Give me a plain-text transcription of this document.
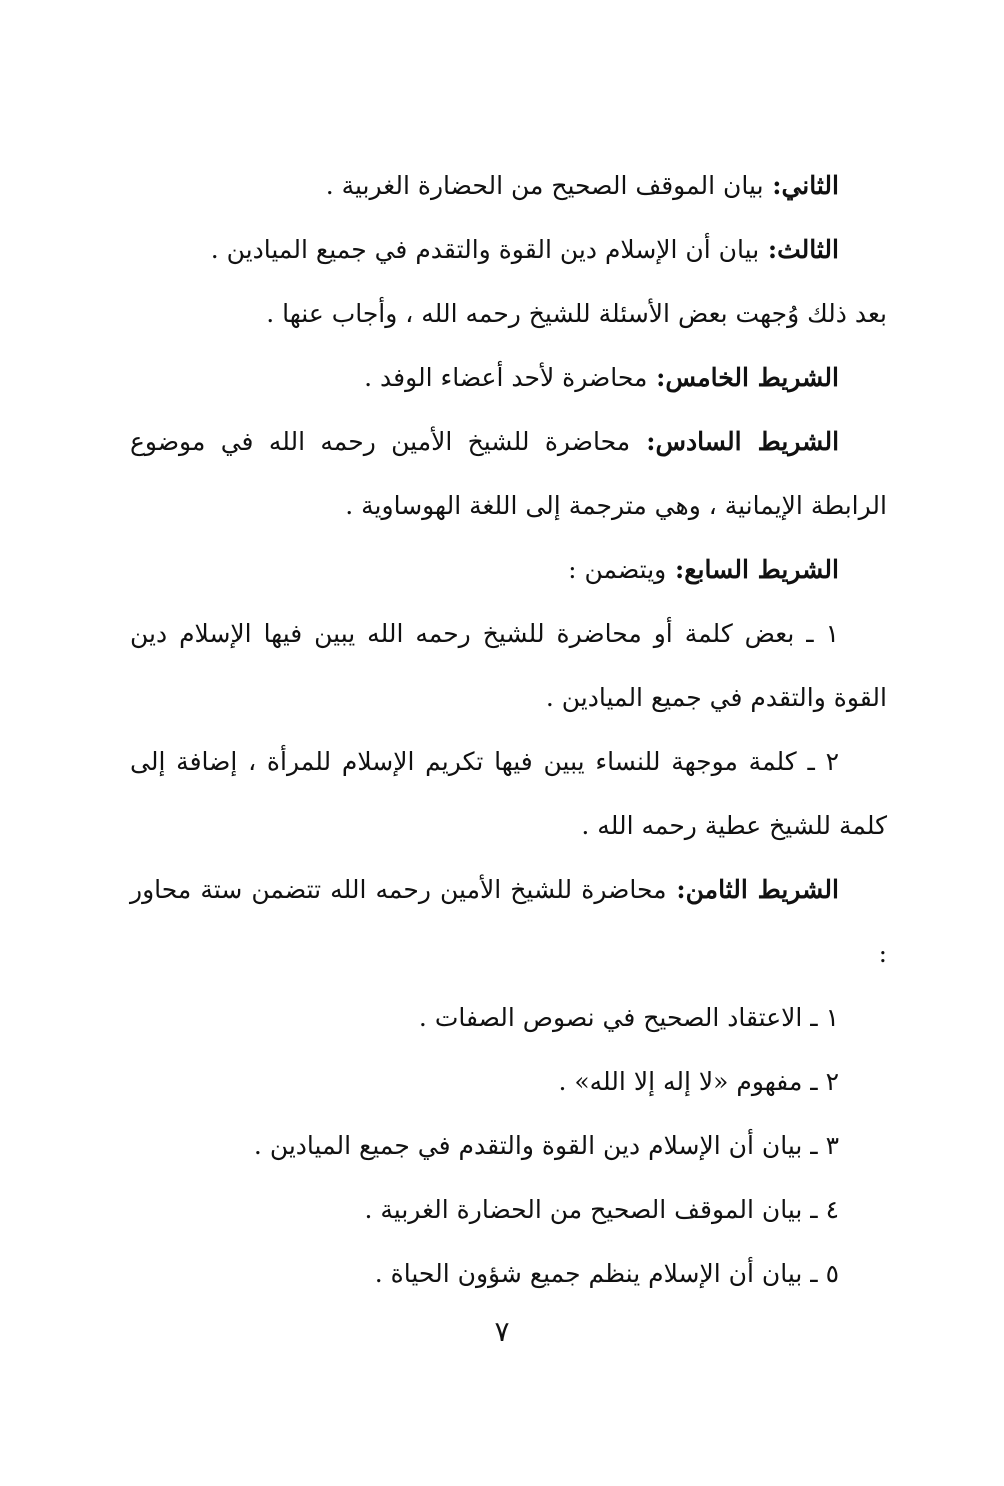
الثاني: بيان الموقف الصحيح من الحضارة الغربية .

الثالث: بيان أن الإسلام دين القوة والتقدم في جميع الميادين .

بعد ذلك وُجهت بعض الأسئلة للشيخ رحمه الله ، وأجاب عنها .

الشريط الخامس: محاضرة لأحد أعضاء الوفد .

الشريط السادس: محاضرة للشيخ الأمين رحمه الله في موضوع الرابطة الإيمانية ، وهي مترجمة إلى اللغة الهوساوية .

الشريط السابع: ويتضمن :

١ ـ بعض كلمة أو محاضرة للشيخ رحمه الله يبين فيها الإسلام دين القوة والتقدم في جميع الميادين .

٢ ـ كلمة موجهة للنساء يبين فيها تكريم الإسلام للمرأة ، إضافة إلى كلمة للشيخ عطية رحمه الله .

الشريط الثامن: محاضرة للشيخ الأمين رحمه الله تتضمن ستة محاور :

١ ـ الاعتقاد الصحيح في نصوص الصفات .

٢ ـ مفهوم «لا إله إلا الله» .

٣ ـ بيان أن الإسلام دين القوة والتقدم في جميع الميادين .

٤ ـ بيان الموقف الصحيح من الحضارة الغربية .

٥ ـ بيان أن الإسلام ينظم جميع شؤون الحياة .

٧
